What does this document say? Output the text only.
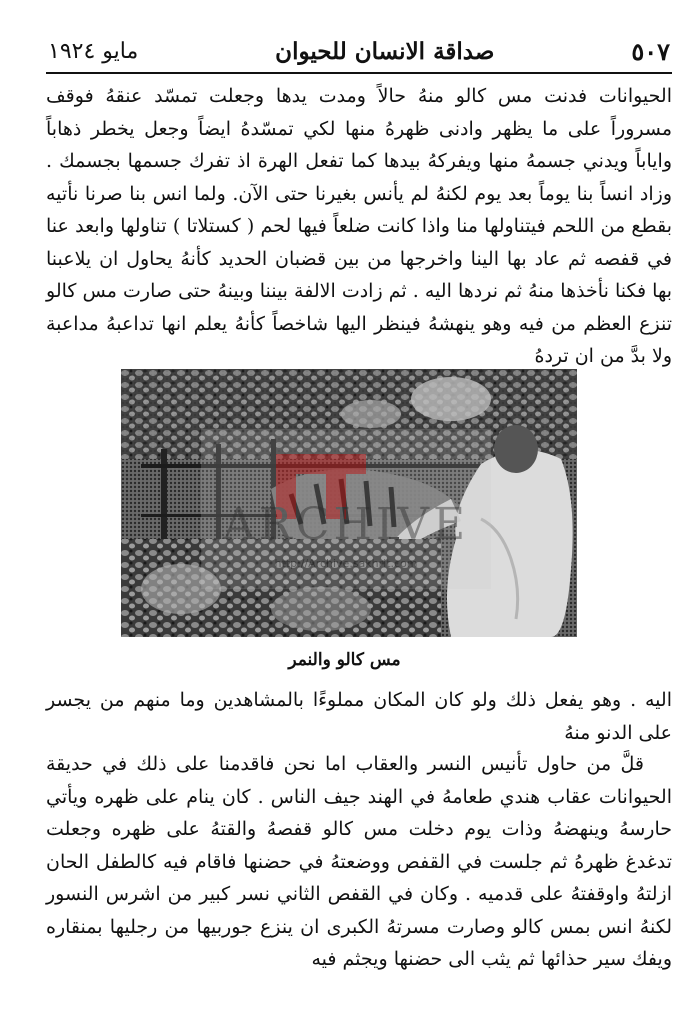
٥٠٧
صداقة الانسان للحيوان
مايو ١٩٢٤

الحيوانات فدنت مس كالو منهُ حالاً ومدت يدها وجعلت تمسّد عنقهُ فوقف مسروراً على ما يظهر وادنى ظهرهُ منها لكي تمسّدهُ ايضاً وجعل يخطر ذهاباً واياباً ويدني جسمهُ منها ويفركهُ بيدها كما تفعل الهرة اذ تفرك جسمها بجسمك . وزاد انساً بنا يوماً بعد يوم لكنهُ لم يأنس بغيرنا حتى الآن. ولما انس بنا صرنا نأتيه بقطع من اللحم فيتناولها منا واذا كانت ضلعاً فيها لحم ( كستلاتا ) تناولها وابعد عنا في قفصه ثم عاد بها الينا واخرجها من بين قضبان الحديد كأنهُ يحاول ان يلاعبنا بها فكنا نأخذها منهُ ثم نردها اليه . ثم زادت الالفة بيننا وبينهُ حتى صارت مس كالو تنزع العظم من فيه وهو ينهشهُ فينظر اليها شاخصاً كأنهُ يعلم انها تداعبهُ مداعبة ولا بدَّ من ان تردهُ

ARCHIVE
http://Archive.sakhrit.com
مس كالو والنمر

اليه . وهو يفعل ذلك ولو كان المكان مملوءًا بالمشاهدين وما منهم من يجسر على الدنو منهُ

قلَّ من حاول تأنيس النسر والعقاب اما نحن فاقدمنا على ذلك في حديقة الحيوانات عقاب هندي طعامهُ في الهند جيف الناس . كان ينام على ظهره ويأتي حارسهُ وينهضهُ وذات يوم دخلت مس كالو قفصهُ والقتهُ على ظهره وجعلت تدغدغ ظهرهُ ثم جلست في القفص ووضعتهُ في حضنها فاقام فيه كالطفل الحان ازلتهُ واوقفتهُ على قدميه . وكان في القفص الثاني نسر كبير من اشرس النسور لكنهُ انس بمس كالو وصارت مسرتهُ الكبرى ان ينزع جوربيها من رجليها بمنقاره ويفك سير حذائها ثم يثب الى حضنها ويجثم فيه
